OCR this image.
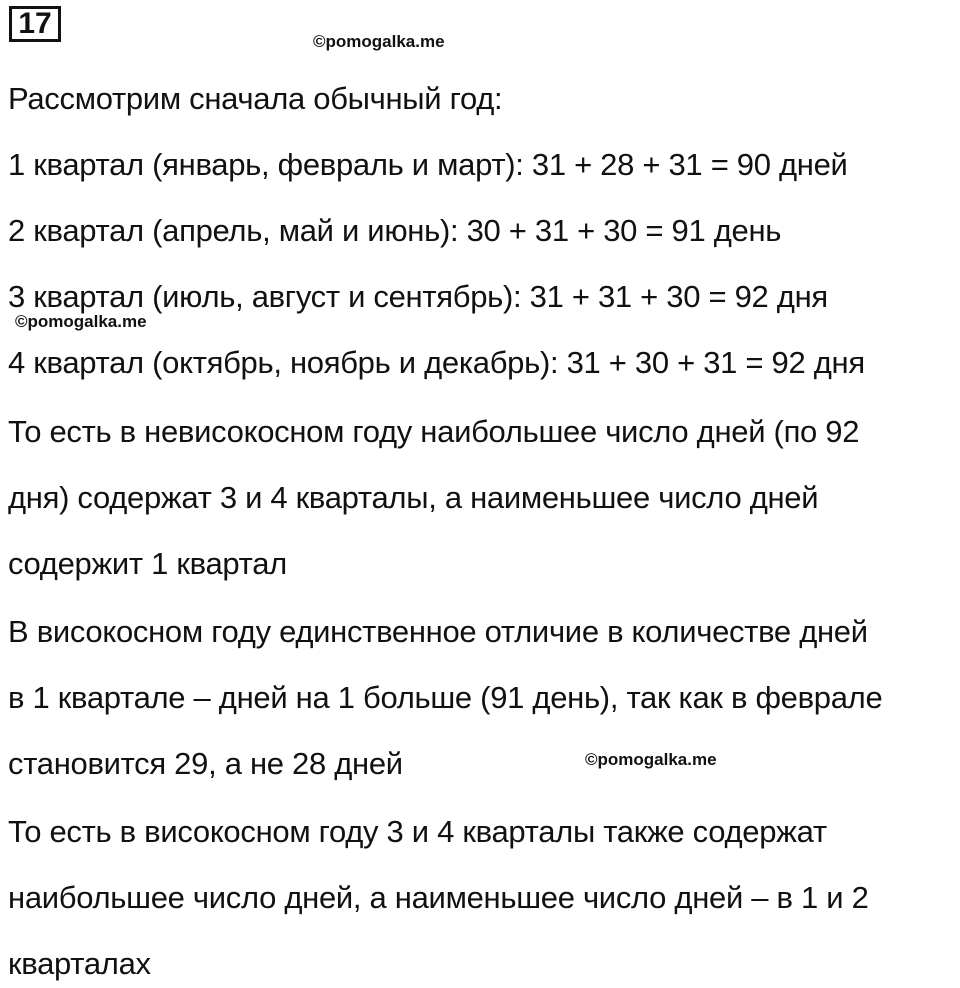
17
©pomogalka.me
©pomogalka.me
©pomogalka.me
Рассмотрим сначала обычный год:
1 квартал (январь, февраль и март): 31 + 28 + 31 = 90 дней
2 квартал (апрель, май и июнь): 30 + 31 + 30 = 91 день
3 квартал (июль, август и сентябрь): 31 + 31 + 30 = 92 дня
4 квартал (октябрь, ноябрь и декабрь): 31 + 30 + 31 = 92 дня
То есть в невисокосном году наибольшее число дней (по 92
дня) содержат 3 и 4 кварталы, а наименьшее число дней
содержит 1 квартал
В високосном году единственное отличие в количестве дней
в 1 квартале – дней на 1 больше (91 день), так как в феврале
становится 29, а не 28 дней
То есть в високосном году 3 и 4 кварталы также содержат
наибольшее число дней, а наименьшее число дней – в 1 и 2
кварталах
